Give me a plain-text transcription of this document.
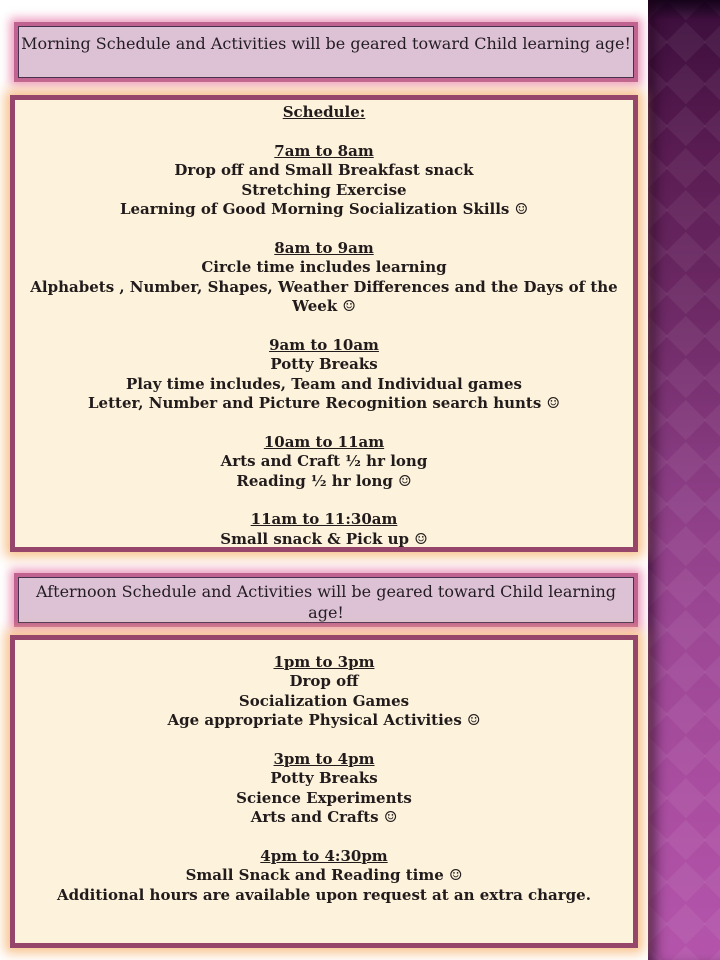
Morning Schedule and Activities will be geared toward Child learning age!
Schedule:
7am to 8am
Drop off and Small Breakfast snack
Stretching Exercise
Learning of Good Morning Socialization Skills ☺
8am to 9am
Circle time includes learning
Alphabets , Number, Shapes, Weather Differences and the Days of the Week ☺
9am to 10am
Potty Breaks
Play time includes, Team and Individual games
Letter, Number and Picture Recognition search hunts ☺
10am to 11am
Arts and Craft ½ hr long
Reading ½ hr long ☺
11am to 11:30am
Small snack & Pick up ☺
Afternoon Schedule and Activities will be geared toward Child learning age!
1pm to 3pm
Drop off
Socialization Games
Age appropriate Physical Activities ☺
3pm to 4pm
Potty Breaks
Science Experiments
Arts and Crafts ☺
4pm to 4:30pm
Small Snack and Reading time ☺
Additional hours are available upon request at an extra charge.
